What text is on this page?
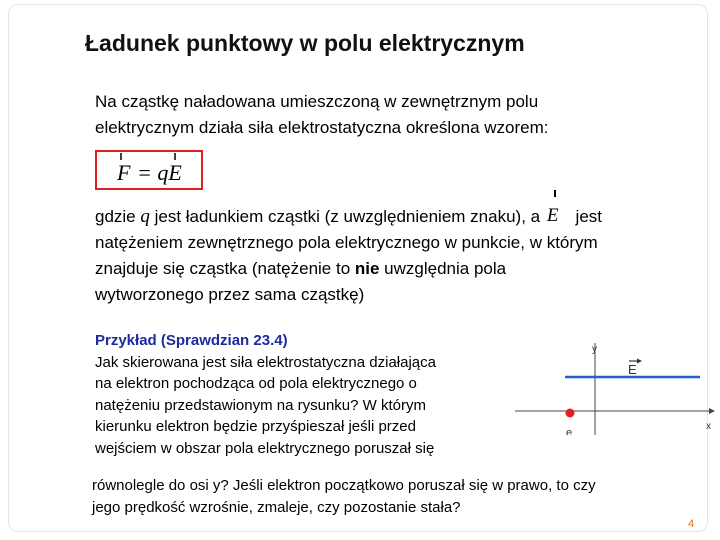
Ładunek punktowy w polu elektrycznym
Na cząstkę naładowana umieszczoną w zewnętrznym polu
elektrycznym działa siła elektrostatyczna określona wzorem:
F = qE
gdzie q jest ładunkiem cząstki (z uwzględnieniem znaku), a E jest
natężeniem zewnętrznego pola elektrycznego w punkcie, w którym
znajduje się cząstka (natężenie to nie uwzględnia pola
wytworzonego przez sama cząstkę)
Przykład (Sprawdzian 23.4)
Jak skierowana jest siła elektrostatyczna działająca
na elektron pochodząca od pola elektrycznego o
natężeniu przedstawionym na rysunku? W którym
kierunku elektron będzie przyśpieszał jeśli przed
wejściem w obszar pola elektrycznego poruszał się
równolegle do osi y? Jeśli elektron początkowo poruszał się w prawo, to czy
jego prędkość wzrośnie, zmaleje, czy pozostanie stała?
y
x
E
e
4
